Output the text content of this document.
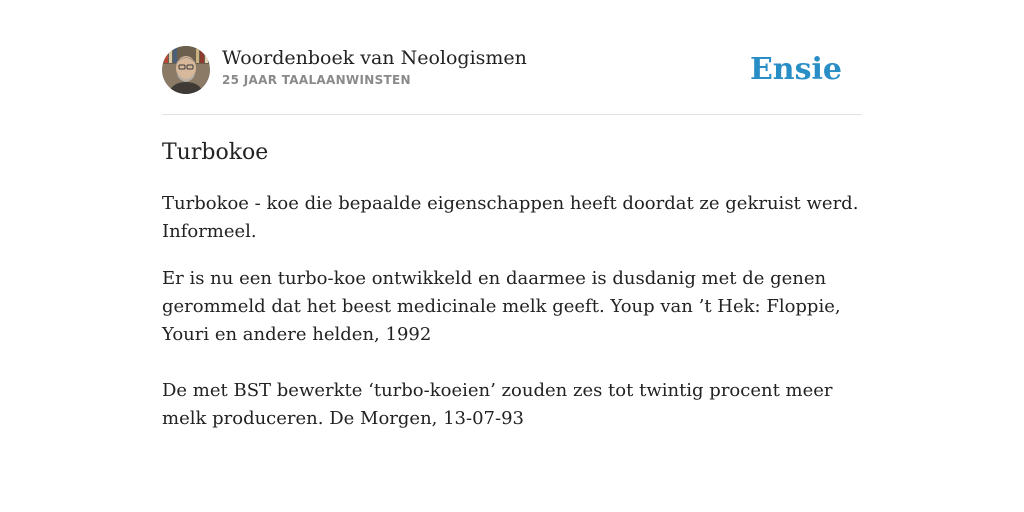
Woordenboek van Neologismen
25 JAAR TAALAANWINSTEN	Ensie
Turbokoe

Turbokoe - koe die bepaalde eigenschappen heeft doordat ze gekruist werd. Informeel.

Er is nu een turbo-koe ontwikkeld en daarmee is dusdanig met de genen gerommeld dat het beest medicinale melk geeft. Youp van ’t Hek: Floppie, Youri en andere helden, 1992

De met BST bewerkte ‘turbo-koeien’ zouden zes tot twintig procent meer melk produceren. De Morgen, 13-07-93
